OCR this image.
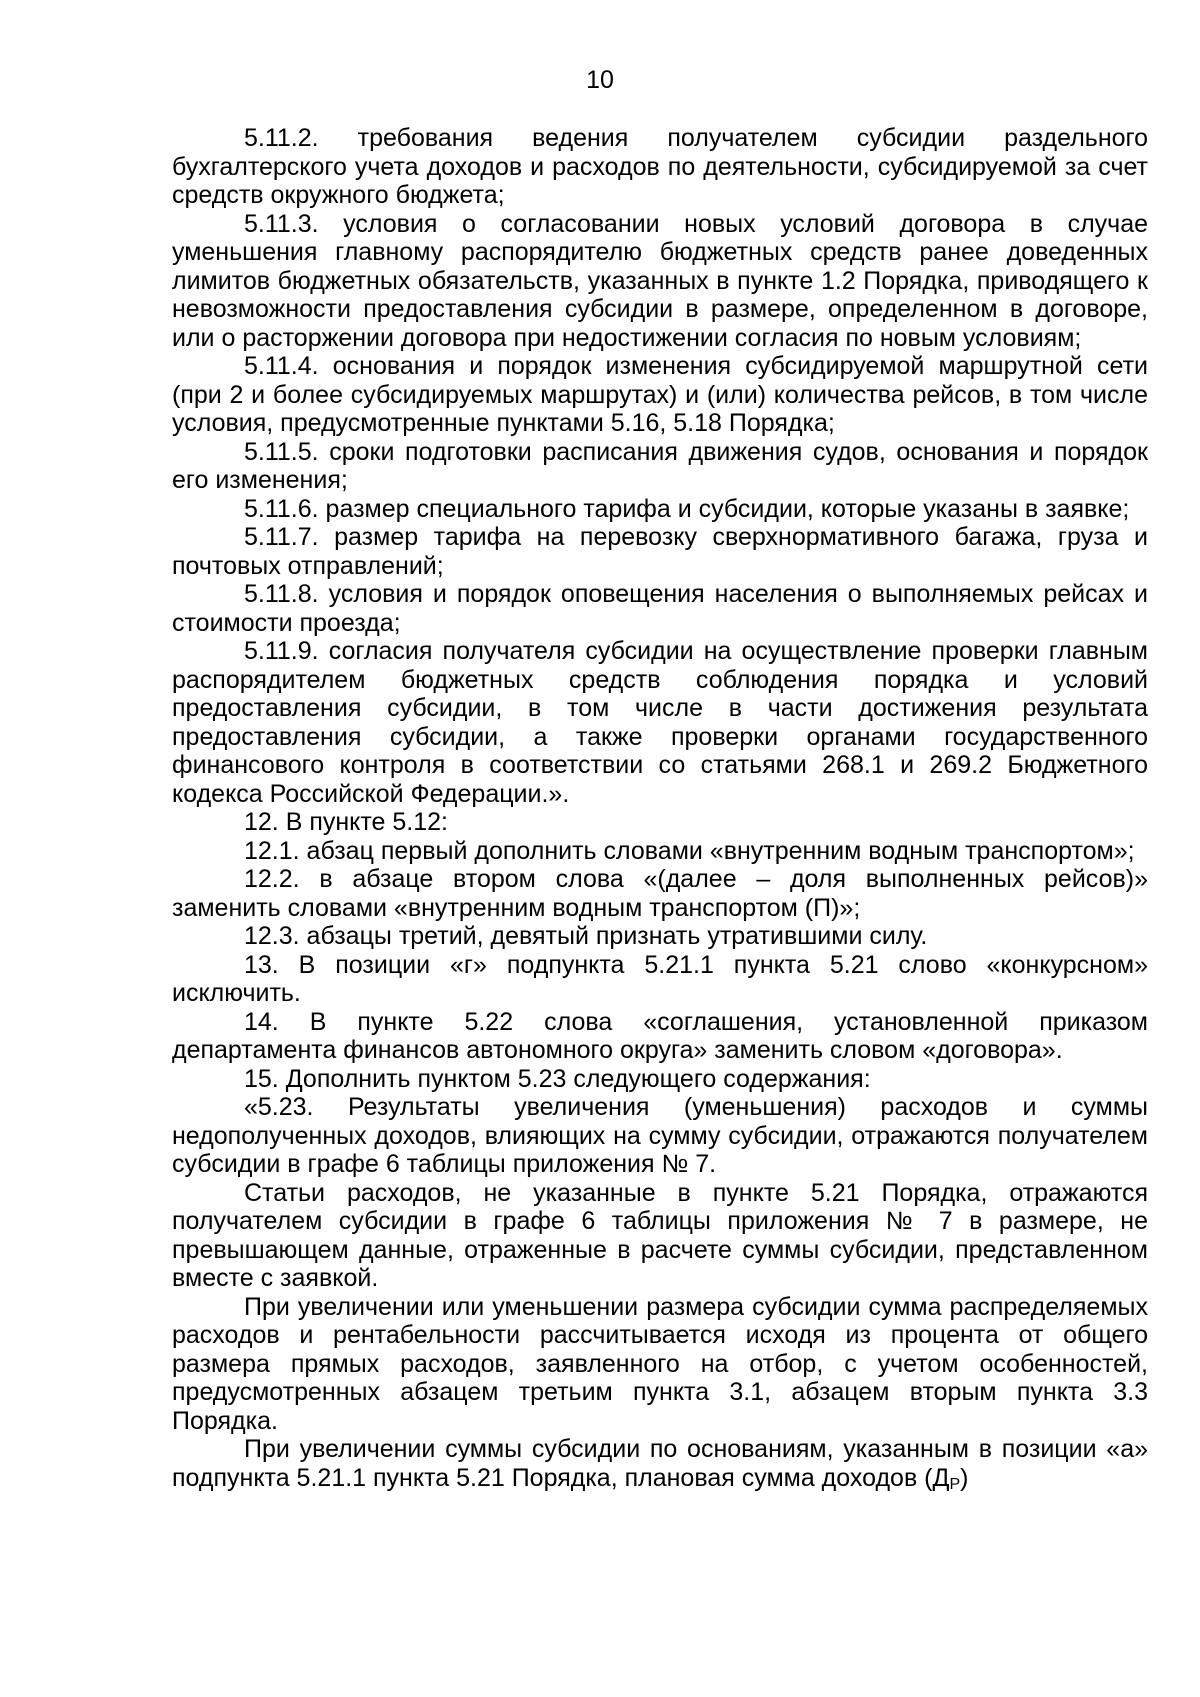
10

5.11.2. требования ведения получателем субсидии раздельного бухгалтерского учета доходов и расходов по деятельности, субсидируемой за счет средств окружного бюджета;

5.11.3. условия о согласовании новых условий договора в случае уменьшения главному распорядителю бюджетных средств ранее доведенных лимитов бюджетных обязательств, указанных в пункте 1.2 Порядка, приводящего к невозможности предоставления субсидии в размере, определенном в договоре, или о расторжении договора при недостижении согласия по новым условиям;

5.11.4. основания и порядок изменения субсидируемой маршрутной сети (при 2 и более субсидируемых маршрутах) и (или) количества рейсов, в том числе условия, предусмотренные пунктами 5.16, 5.18 Порядка;

5.11.5. сроки подготовки расписания движения судов, основания и порядок его изменения;

5.11.6. размер специального тарифа и субсидии, которые указаны в заявке;

5.11.7. размер тарифа на перевозку сверхнормативного багажа, груза и почтовых отправлений;

5.11.8. условия и порядок оповещения населения о выполняемых рейсах и стоимости проезда;

5.11.9. согласия получателя субсидии на осуществление проверки главным распорядителем бюджетных средств соблюдения порядка и условий предоставления субсидии, в том числе в части достижения результата предоставления субсидии, а также проверки органами государственного финансового контроля в соответствии со статьями 268.1 и 269.2 Бюджетного кодекса Российской Федерации.».

12. В пункте 5.12:

12.1. абзац первый дополнить словами «внутренним водным транспортом»;

12.2. в абзаце втором слова «(далее – доля выполненных рейсов)» заменить словами «внутренним водным транспортом (П)»;

12.3. абзацы третий, девятый признать утратившими силу.

13. В позиции «г» подпункта 5.21.1 пункта 5.21 слово «конкурсном» исключить.

14. В пункте 5.22 слова «соглашения, установленной приказом департамента финансов автономного округа» заменить словом «договора».

15. Дополнить пунктом 5.23 следующего содержания:

«5.23. Результаты увеличения (уменьшения) расходов и суммы недополученных доходов, влияющих на сумму субсидии, отражаются получателем субсидии в графе 6 таблицы приложения № 7.

Статьи расходов, не указанные в пункте 5.21 Порядка, отражаются получателем субсидии в графе 6 таблицы приложения № 7 в размере, не превышающем данные, отраженные в расчете суммы субсидии, представленном вместе с заявкой.

При увеличении или уменьшении размера субсидии сумма распределяемых расходов и рентабельности рассчитывается исходя из процента от общего размера прямых расходов, заявленного на отбор, с учетом особенностей, предусмотренных абзацем третьим пункта 3.1, абзацем вторым пункта 3.3 Порядка.

При увеличении суммы субсидии по основаниям, указанным в позиции «а» подпункта 5.21.1 пункта 5.21 Порядка, плановая сумма доходов (ДР)
